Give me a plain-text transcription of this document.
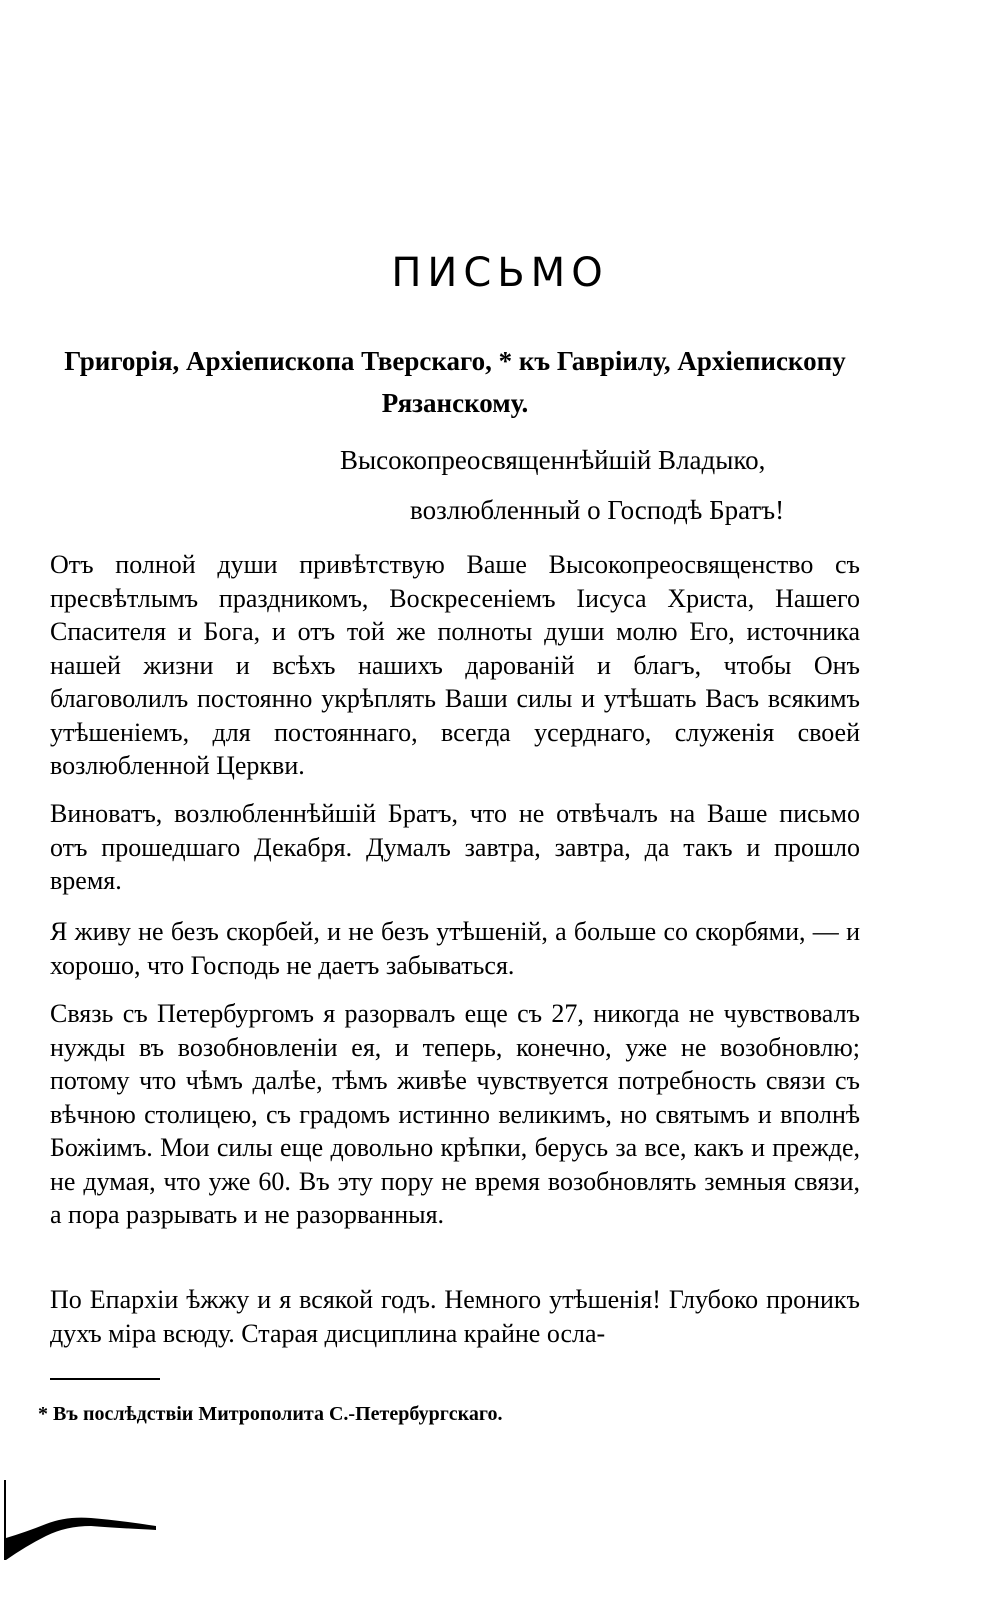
ПИСЬМО
Григорія, Архіепископа Тверскаго, * къ Гавріилу, Архіепископу Рязанскому.
Высокопреосвященнѣйшій Владыко,
возлюбленный о Господѣ Братъ!
Отъ полной души привѣтствую Ваше Высокопреосвященство съ пресвѣтлымъ праздникомъ, Воскресеніемъ Іисуса Христа, Нашего Спасителя и Бога, и отъ той же полноты души молю Его, источника нашей жизни и всѣхъ нашихъ дарованій и благъ, чтобы Онъ благоволилъ постоянно укрѣплять Ваши силы и утѣшать Васъ всякимъ утѣшеніемъ, для постояннаго, всегда усерднаго, служенія своей возлюбленной Церкви.
Виноватъ, возлюбленнѣйшій Братъ, что не отвѣчалъ на Ваше письмо отъ прошедшаго Декабря. Думалъ завтра, завтра, да такъ и прошло время.
Я живу не безъ скорбей, и не безъ утѣшеній, а больше со скорбями, — и хорошо, что Господь не даетъ забываться.
Связь съ Петербургомъ я разорвалъ еще съ 27, никогда не чувствовалъ нужды въ возобновленіи ея, и теперь, конечно, уже не возобновлю; потому что чѣмъ далѣе, тѣмъ живѣе чувствуется потребность связи съ вѣчною столицею, съ градомъ истинно великимъ, но святымъ и вполнѣ Божіимъ. Мои силы еще довольно крѣпки, берусь за все, какъ и прежде, не думая, что уже 60. Въ эту пору не время возобновлять земныя связи, а пора разрывать и не разорванныя.
По Епархіи ѣжжу и я всякой годъ. Немного утѣшенія! Глубоко проникъ духъ міра всюду. Старая дисциплина крайне осла-
* Въ послѣдствіи Митрополита С.-Петербургскаго.
